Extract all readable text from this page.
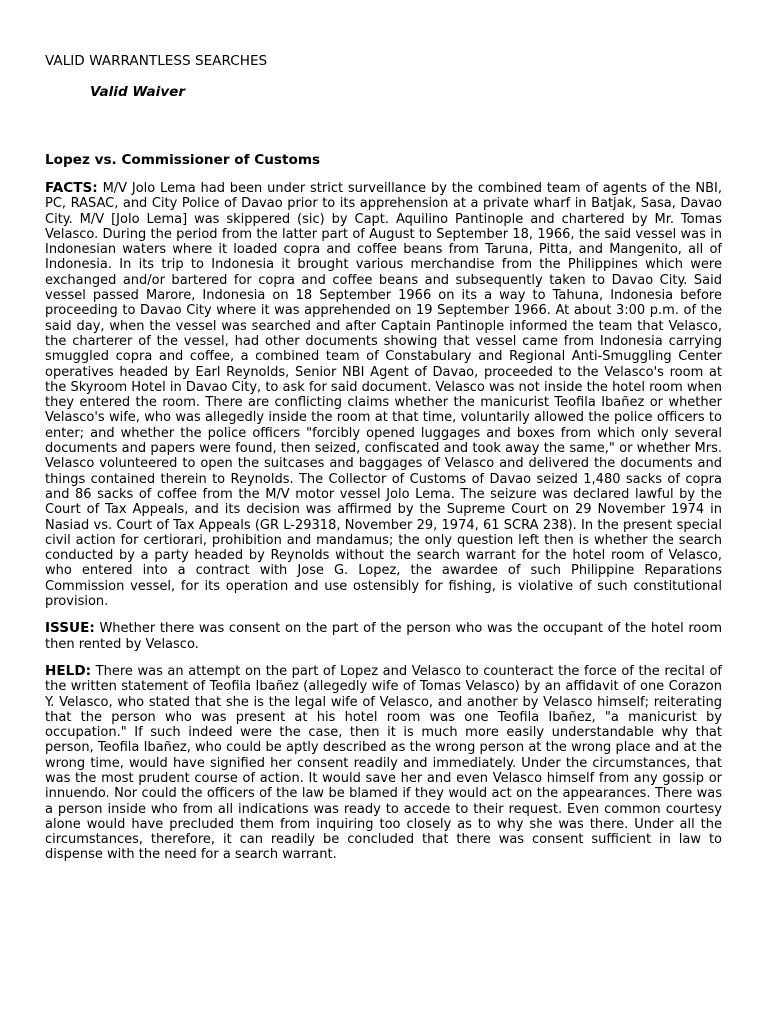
VALID WARRANTLESS SEARCHES
Valid Waiver
Lopez vs. Commissioner of Customs

FACTS: M/V Jolo Lema had been under strict surveillance by the combined team of agents of the NBI, PC, RASAC, and City Police of Davao prior to its apprehension at a private wharf in Batjak, Sasa, Davao City. M/V [Jolo Lema] was skippered (sic) by Capt. Aquilino Pantinople and chartered by Mr. Tomas Velasco. During the period from the latter part of August to September 18, 1966, the said vessel was in Indonesian waters where it loaded copra and coffee beans from Taruna, Pitta, and Mangenito, all of Indonesia. In its trip to Indonesia it brought various merchandise from the Philippines which were exchanged and/or bartered for copra and coffee beans and subsequently taken to Davao City. Said vessel passed Marore, Indonesia on 18 September 1966 on its a way to Tahuna, Indonesia before proceeding to Davao City where it was apprehended on 19 September 1966. At about 3:00 p.m. of the said day, when the vessel was searched and after Captain Pantinople informed the team that Velasco, the charterer of the vessel, had other documents showing that vessel came from Indonesia carrying smuggled copra and coffee, a combined team of Constabulary and Regional Anti-Smuggling Center operatives headed by Earl Reynolds, Senior NBI Agent of Davao, proceeded to the Velasco's room at the Skyroom Hotel in Davao City, to ask for said document. Velasco was not inside the hotel room when they entered the room. There are conflicting claims whether the manicurist Teofila Ibañez or whether Velasco's wife, who was allegedly inside the room at that time, voluntarily allowed the police officers to enter; and whether the police officers "forcibly opened luggages and boxes from which only several documents and papers were found, then seized, confiscated and took away the same," or whether Mrs. Velasco volunteered to open the suitcases and baggages of Velasco and delivered the documents and things contained therein to Reynolds. The Collector of Customs of Davao seized 1,480 sacks of copra and 86 sacks of coffee from the M/V motor vessel Jolo Lema. The seizure was declared lawful by the Court of Tax Appeals, and its decision was affirmed by the Supreme Court on 29 November 1974 in Nasiad vs. Court of Tax Appeals (GR L-29318, November 29, 1974, 61 SCRA 238). In the present special civil action for certiorari, prohibition and mandamus; the only question left then is whether the search conducted by a party headed by Reynolds without the search warrant for the hotel room of Velasco, who entered into a contract with Jose G. Lopez, the awardee of such Philippine Reparations Commission vessel, for its operation and use ostensibly for fishing, is violative of such constitutional provision.

ISSUE: Whether there was consent on the part of the person who was the occupant of the hotel room then rented by Velasco.

HELD: There was an attempt on the part of Lopez and Velasco to counteract the force of the recital of the written statement of Teofila Ibañez (allegedly wife of Tomas Velasco) by an affidavit of one Corazon Y. Velasco, who stated that she is the legal wife of Velasco, and another by Velasco himself; reiterating that the person who was present at his hotel room was one Teofila Ibañez, "a manicurist by occupation." If such indeed were the case, then it is much more easily understandable why that person, Teofila Ibañez, who could be aptly described as the wrong person at the wrong place and at the wrong time, would have signified her consent readily and immediately. Under the circumstances, that was the most prudent course of action. It would save her and even Velasco himself from any gossip or innuendo. Nor could the officers of the law be blamed if they would act on the appearances. There was a person inside who from all indications was ready to accede to their request. Even common courtesy alone would have precluded them from inquiring too closely as to why she was there. Under all the circumstances, therefore, it can readily be concluded that there was consent sufficient in law to dispense with the need for a search warrant.
